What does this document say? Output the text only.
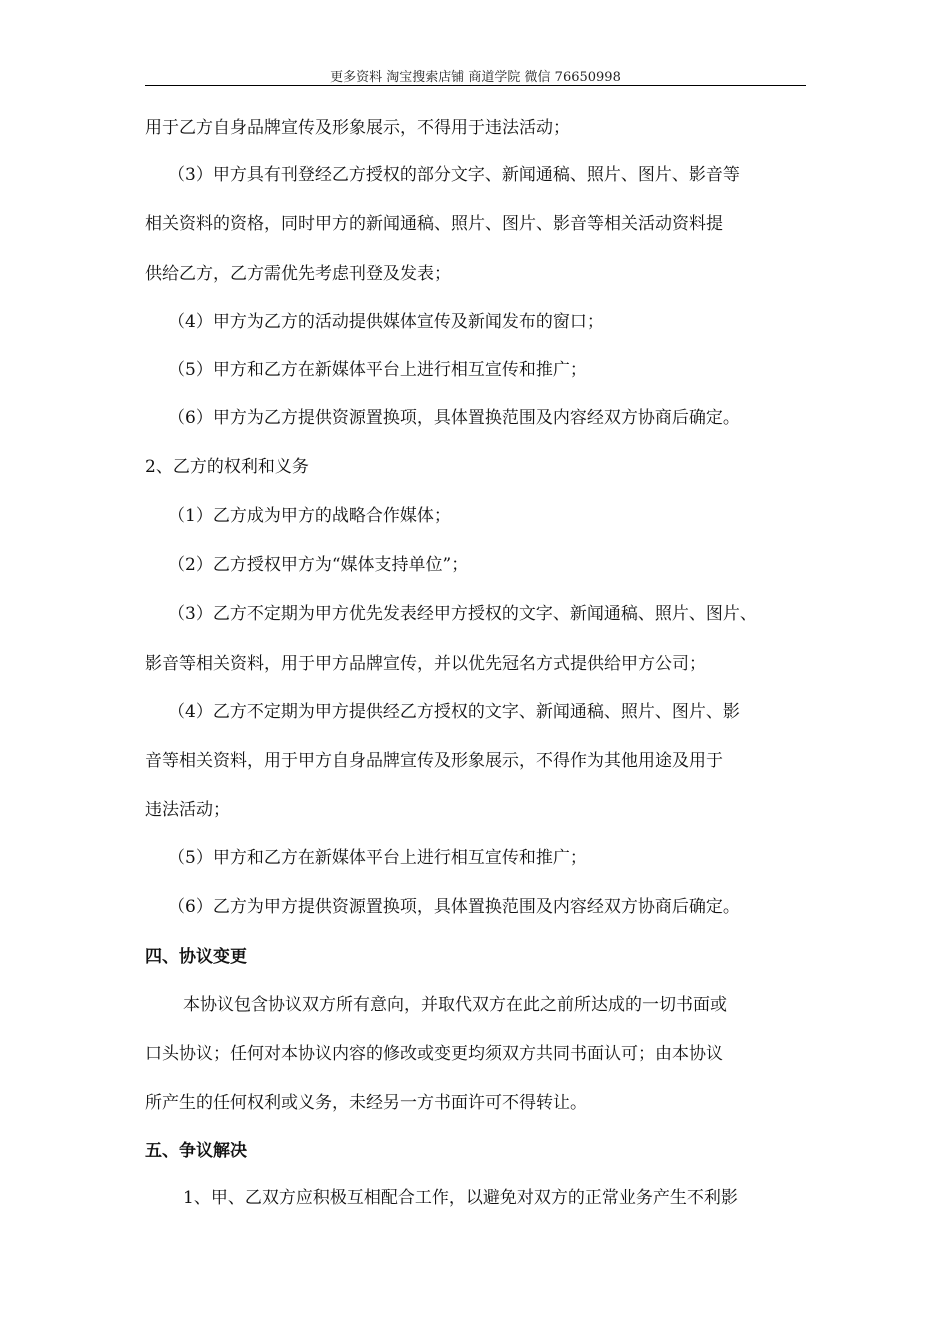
更多资料 淘宝搜索店铺 商道学院 微信 76650998
用于乙方自身品牌宣传及形象展示，不得用于违法活动；
（3）甲方具有刊登经乙方授权的部分文字、新闻通稿、照片、图片、影音等
相关资料的资格，同时甲方的新闻通稿、照片、图片、影音等相关活动资料提
供给乙方，乙方需优先考虑刊登及发表；
（4）甲方为乙方的活动提供媒体宣传及新闻发布的窗口；
（5）甲方和乙方在新媒体平台上进行相互宣传和推广；
（6）甲方为乙方提供资源置换项，具体置换范围及内容经双方协商后确定。
2、乙方的权利和义务
（1）乙方成为甲方的战略合作媒体；
（2）乙方授权甲方为“媒体支持单位”；
（3）乙方不定期为甲方优先发表经甲方授权的文字、新闻通稿、照片、图片、
影音等相关资料，用于甲方品牌宣传，并以优先冠名方式提供给甲方公司；
（4）乙方不定期为甲方提供经乙方授权的文字、新闻通稿、照片、图片、影
音等相关资料，用于甲方自身品牌宣传及形象展示，不得作为其他用途及用于
违法活动；
（5）甲方和乙方在新媒体平台上进行相互宣传和推广；
（6）乙方为甲方提供资源置换项，具体置换范围及内容经双方协商后确定。
四、协议变更
本协议包含协议双方所有意向，并取代双方在此之前所达成的一切书面或
口头协议；任何对本协议内容的修改或变更均须双方共同书面认可；由本协议
所产生的任何权利或义务，未经另一方书面许可不得转让。
五、争议解决
1、甲、乙双方应积极互相配合工作，以避免对双方的正常业务产生不利影
